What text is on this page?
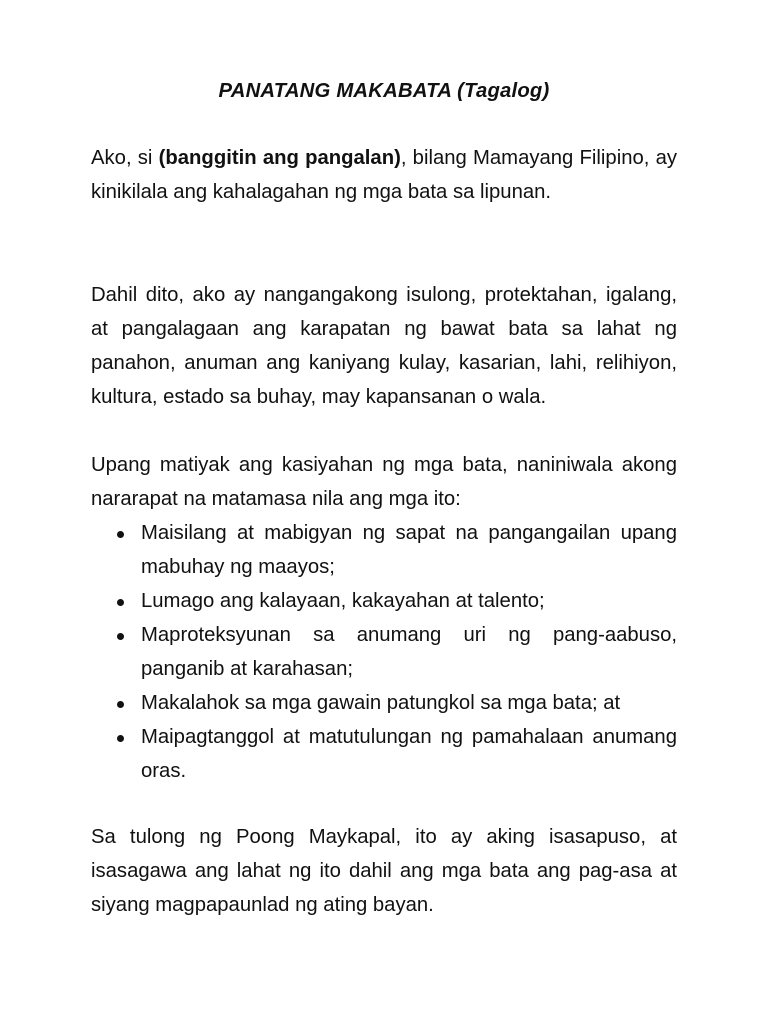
PANATANG MAKABATA (Tagalog)

Ako, si (banggitin ang pangalan), bilang Mamayang Filipino, ay kinikilala ang kahalagahan ng mga bata sa lipunan.

Dahil dito, ako ay nangangakong isulong, protektahan, igalang, at pangalagaan ang karapatan ng bawat bata sa lahat ng panahon, anuman ang kaniyang kulay, kasarian, lahi, relihiyon, kultura, estado sa buhay, may kapansanan o wala.

Upang matiyak ang kasiyahan ng mga bata, naniniwala akong nararapat na matamasa nila ang mga ito:

Maisilang at mabigyan ng sapat na pangangailan upang mabuhay ng maayos;
Lumago ang kalayaan, kakayahan at talento;
Maproteksyunan sa anumang uri ng pang-aabuso, panganib at karahasan;
Makalahok sa mga gawain patungkol sa mga bata; at
Maipagtanggol at matutulungan ng pamahalaan anumang oras.

Sa tulong ng Poong Maykapal, ito ay aking isasapuso, at isasagawa ang lahat ng ito dahil ang mga bata ang pag-asa at siyang magpapaunlad ng ating bayan.
